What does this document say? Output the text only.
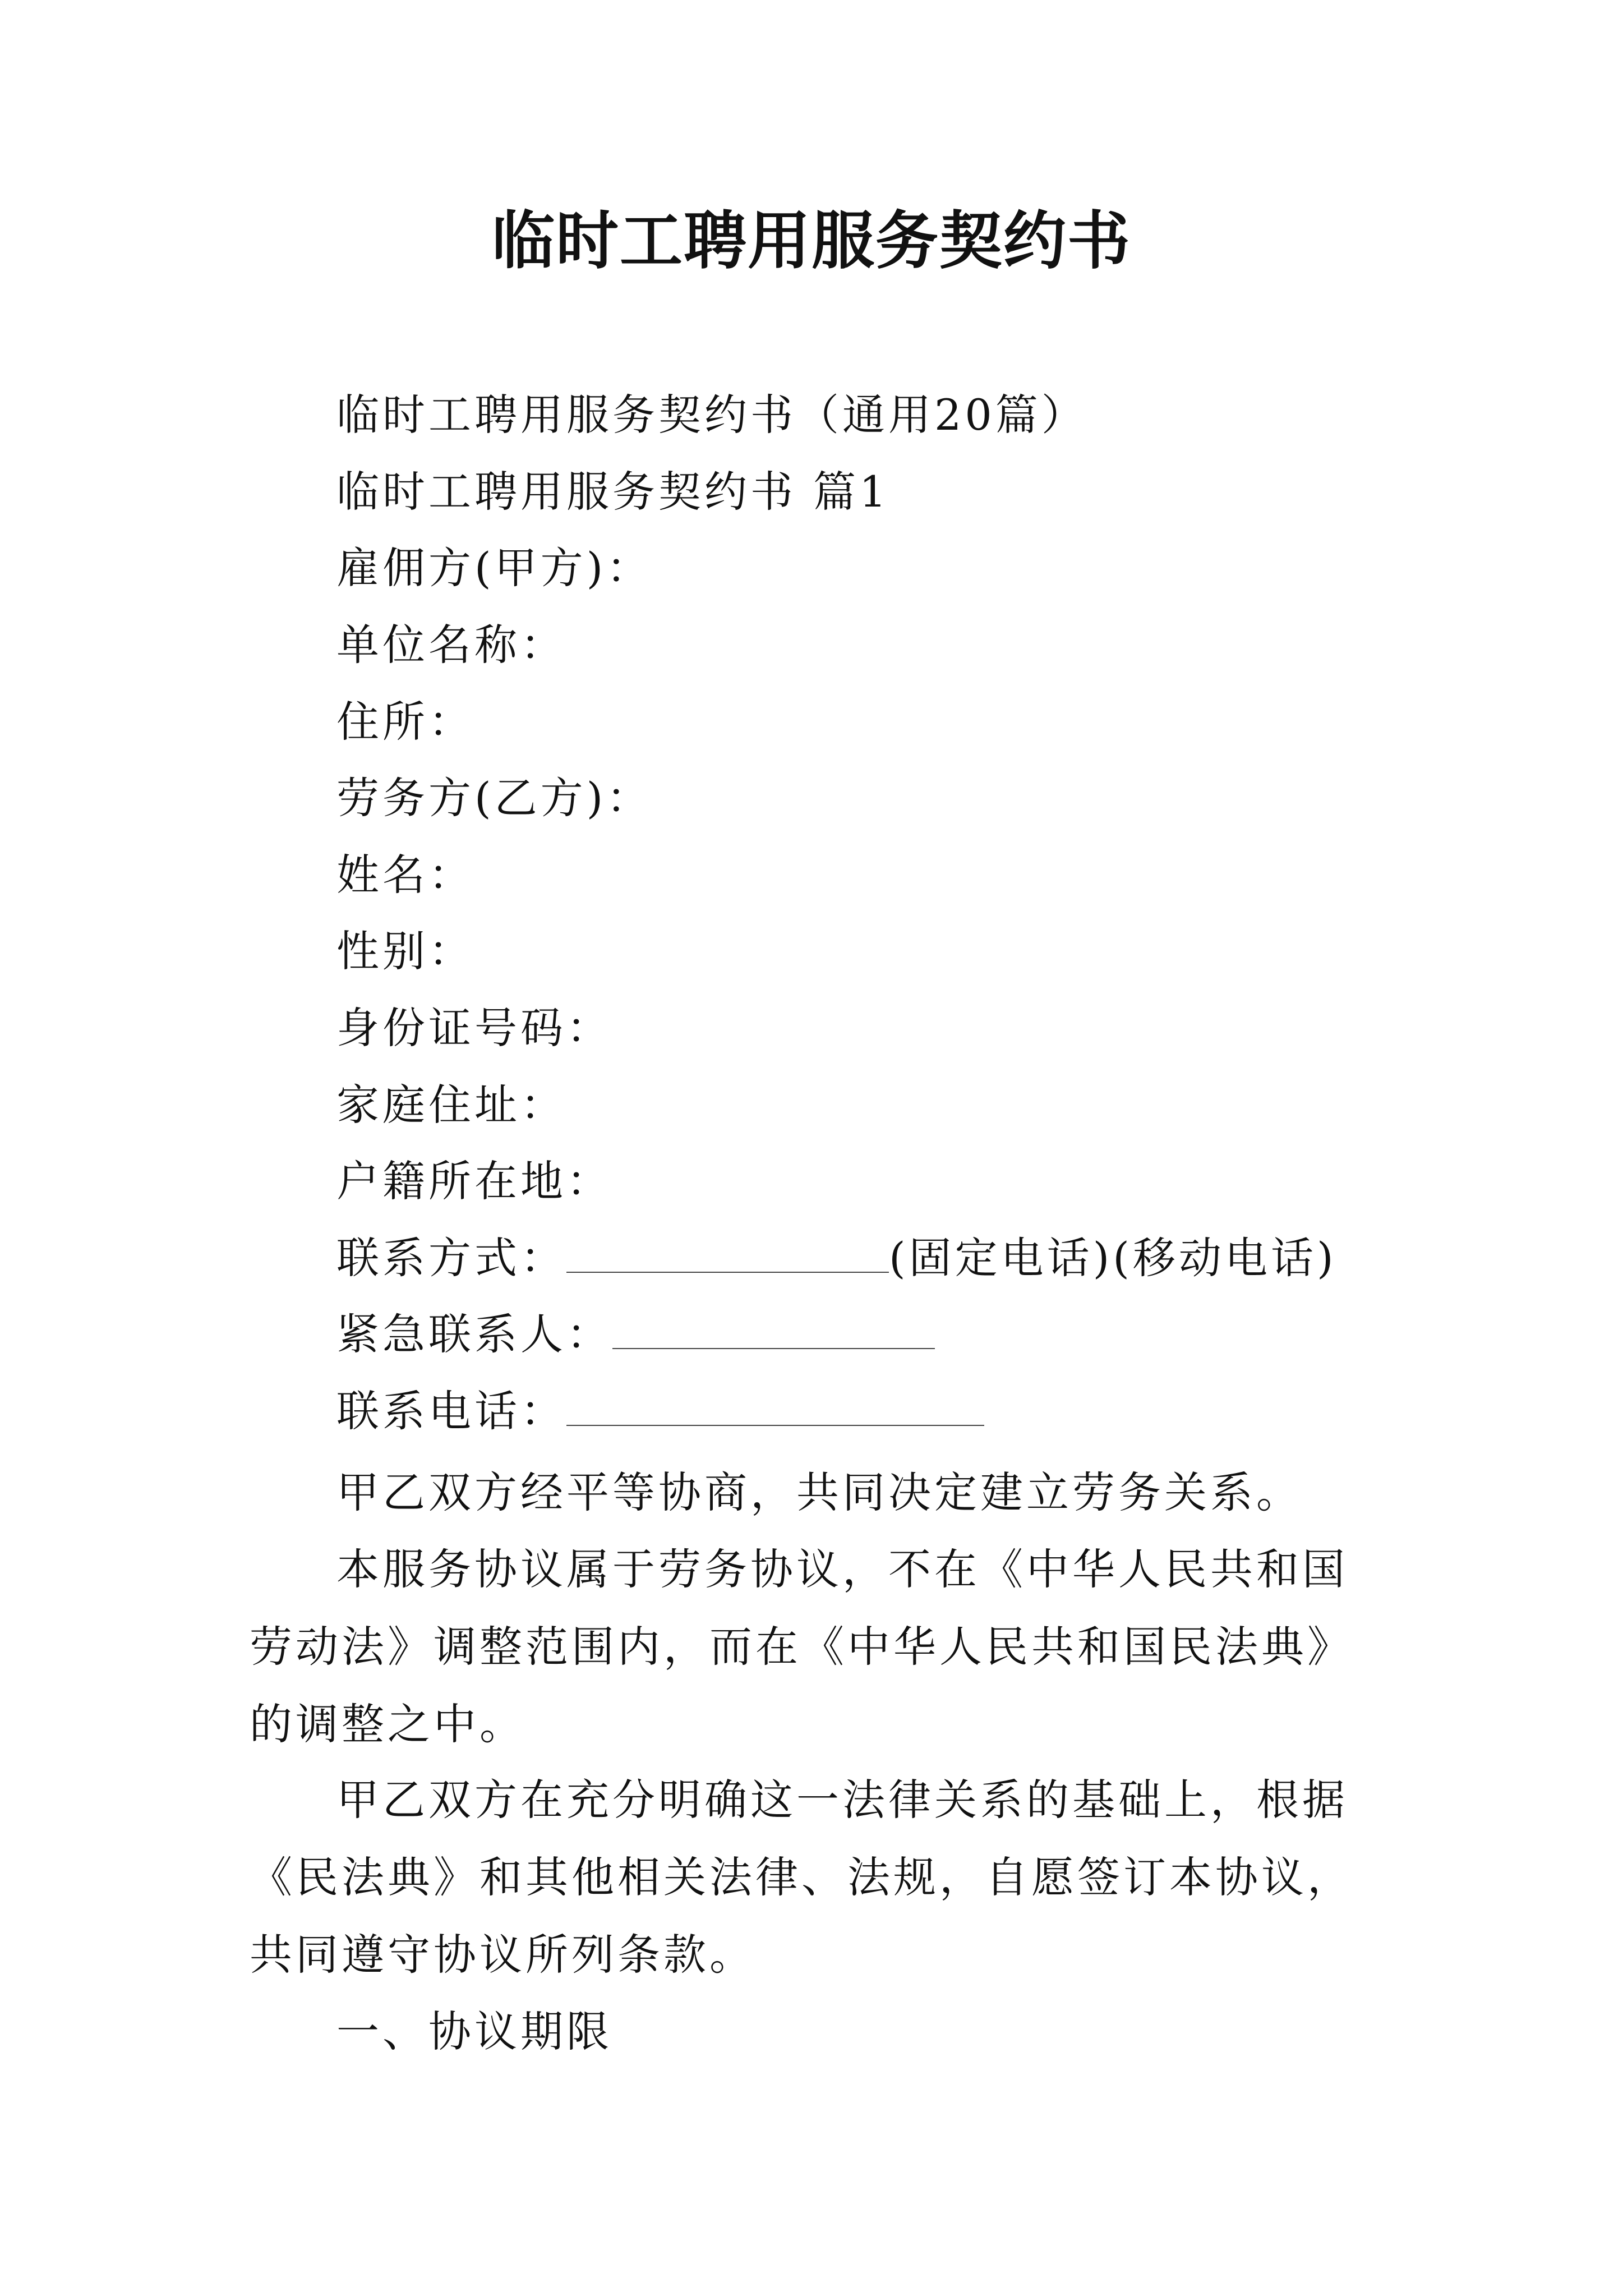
临时工聘用服务契约书
临时工聘用服务契约书（通用20篇）
临时工聘用服务契约书 篇1
雇佣方(甲方)：
单位名称：
住所：
劳务方(乙方)：
姓名：
性别：
身份证号码：
家庭住址：
户籍所在地：
联系方式：	(固定电话)(移动电话)
紧急联系人：
联系电话：
甲乙双方经平等协商，共同决定建立劳务关系。
本服务协议属于劳务协议，不在《中华人民共和国劳动法》调整范围内，而在《中华人民共和国民法典》的调整之中。
甲乙双方在充分明确这一法律关系的基础上，根据《民法典》和其他相关法律、法规，自愿签订本协议，共同遵守协议所列条款。
一、协议期限
